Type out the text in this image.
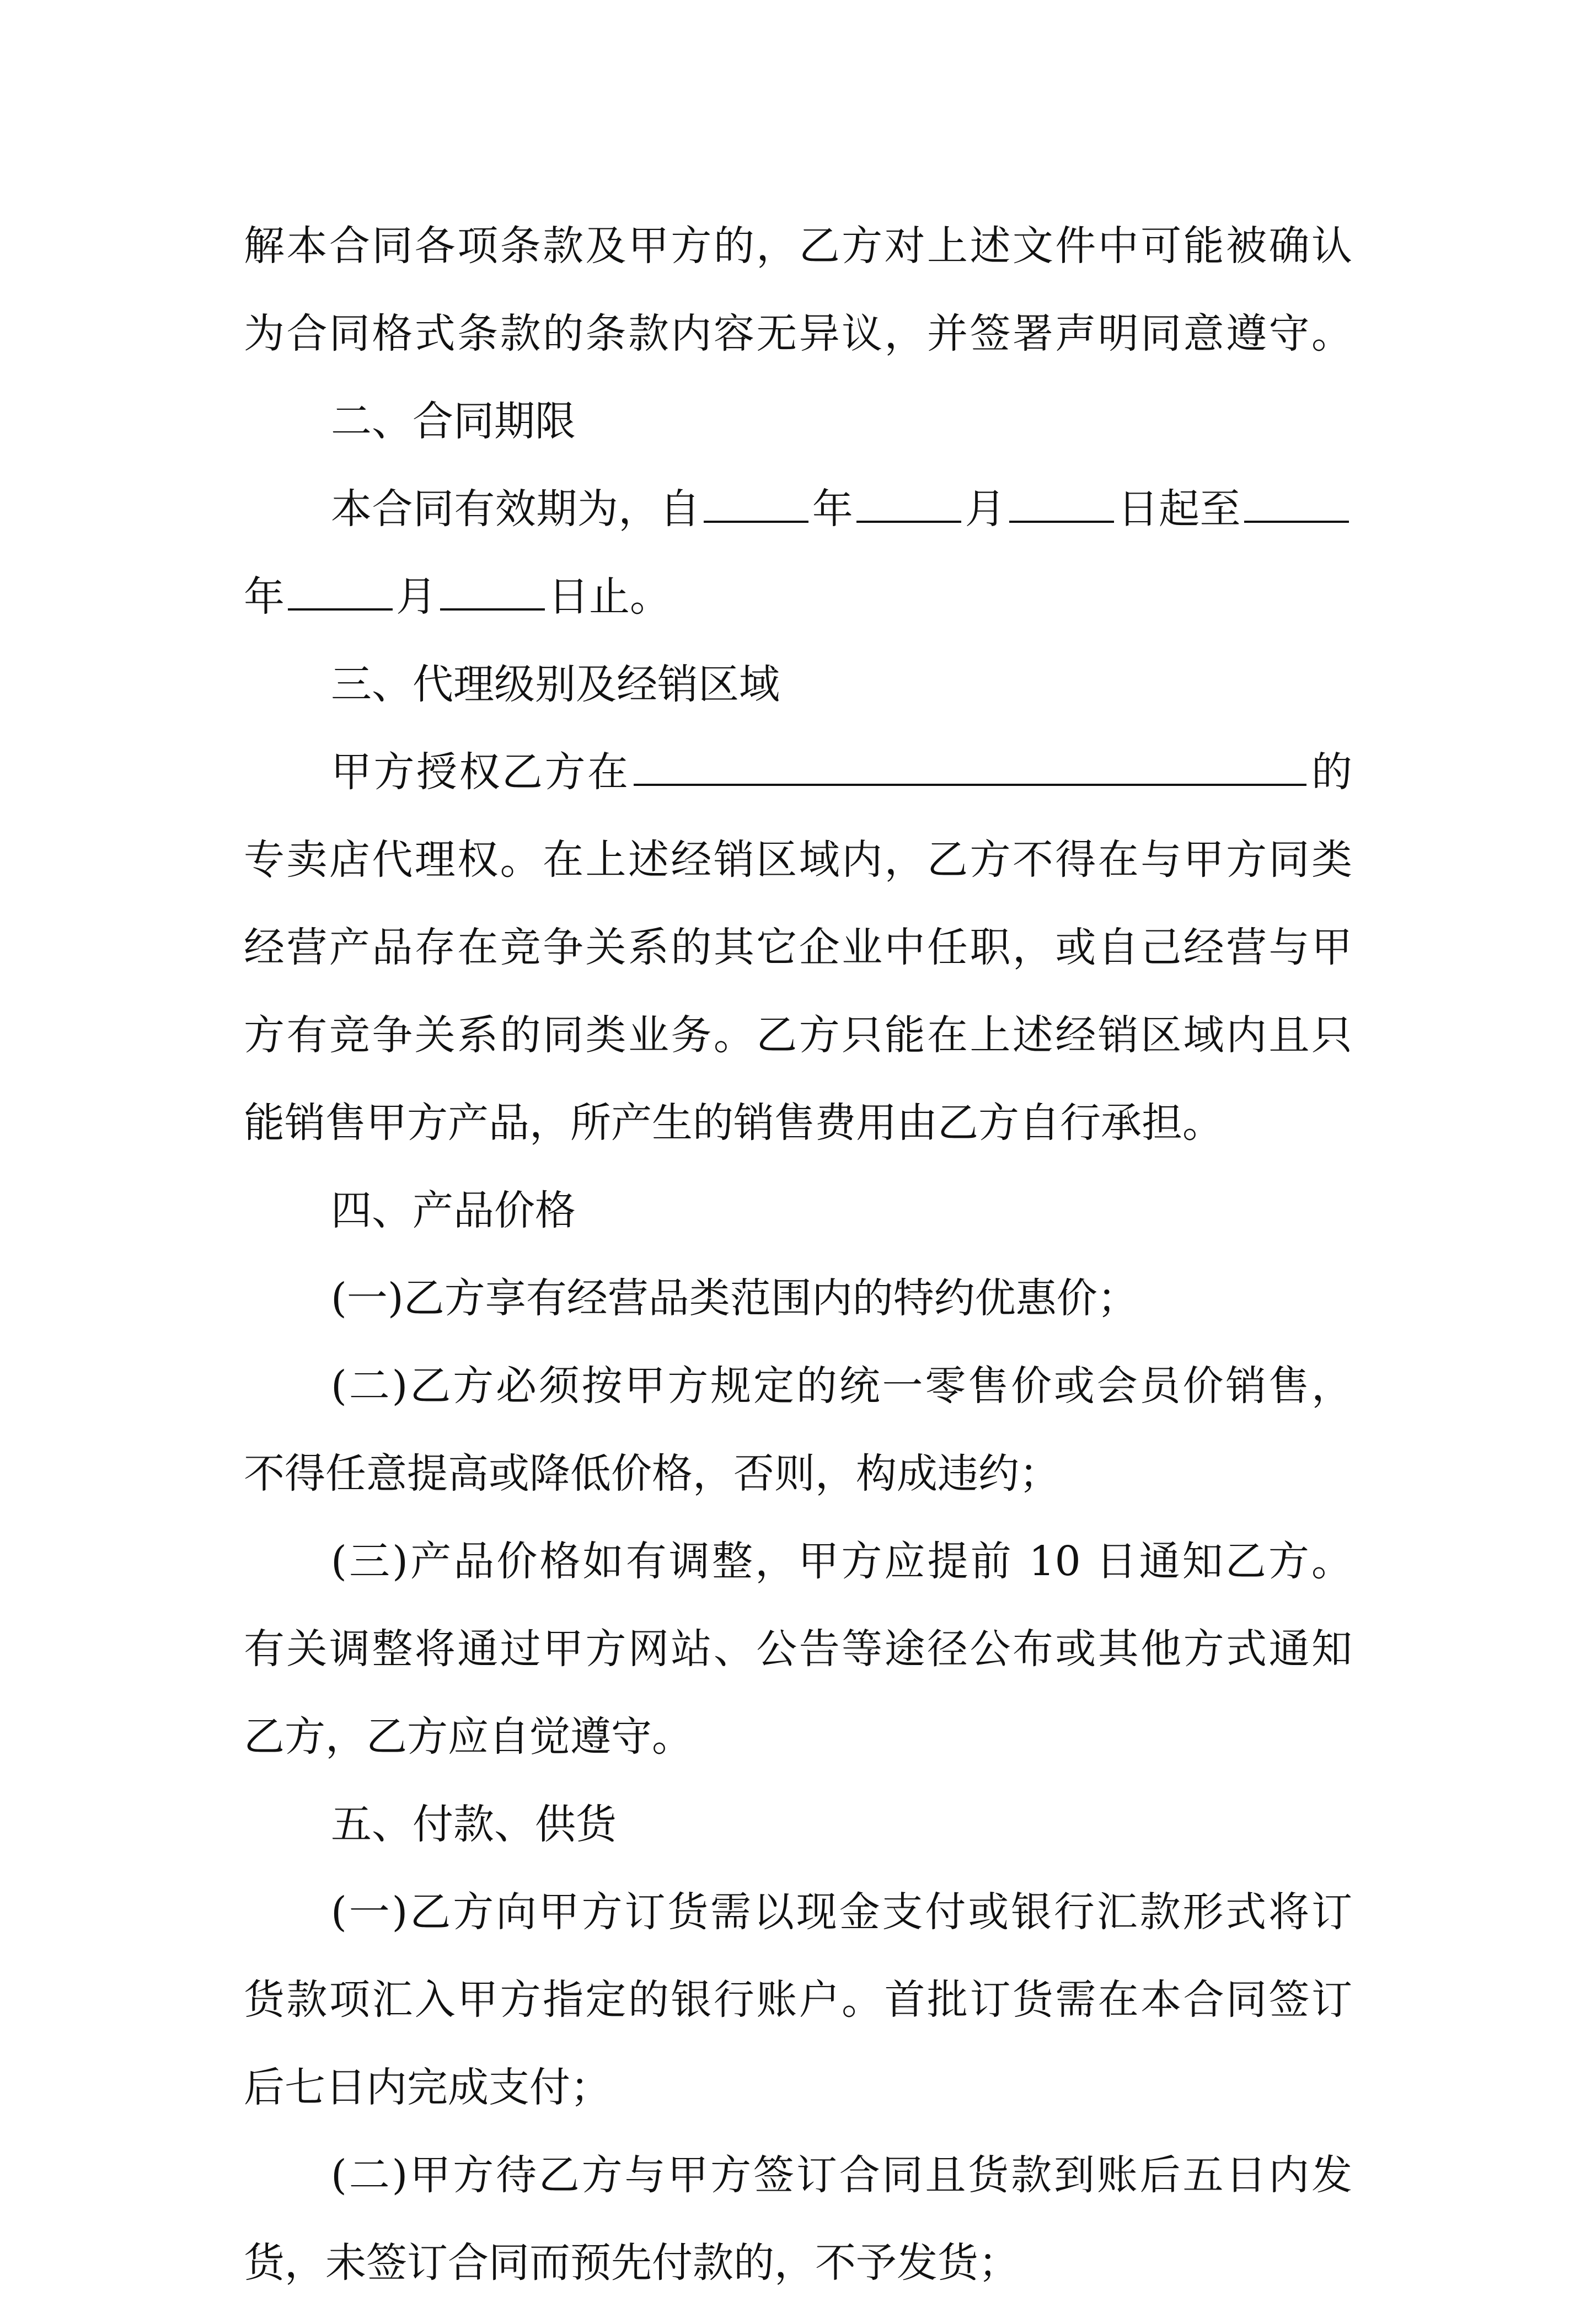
解本合同各项条款及甲方的，乙方对上述文件中可能被确认
为合同格式条款的条款内容无异议，并签署声明同意遵守。
二、合同期限
本合同有效期为，自	年	月	日起至
年	月	日止。
三、代理级别及经销区域
甲方授权乙方在	的
专卖店代理权。在上述经销区域内，乙方不得在与甲方同类
经营产品存在竞争关系的其它企业中任职，或自己经营与甲
方有竞争关系的同类业务。乙方只能在上述经销区域内且只
能销售甲方产品，所产生的销售费用由乙方自行承担。
四、产品价格
(一)乙方享有经营品类范围内的特约优惠价；
(二)乙方必须按甲方规定的统一零售价或会员价销售，
不得任意提高或降低价格，否则，构成违约；
(三)产品价格如有调整，甲方应提前 10 日通知乙方。
有关调整将通过甲方网站、公告等途径公布或其他方式通知
乙方，乙方应自觉遵守。
五、付款、供货
(一)乙方向甲方订货需以现金支付或银行汇款形式将订
货款项汇入甲方指定的银行账户。首批订货需在本合同签订
后七日内完成支付；
(二)甲方待乙方与甲方签订合同且货款到账后五日内发
货，未签订合同而预先付款的，不予发货；
